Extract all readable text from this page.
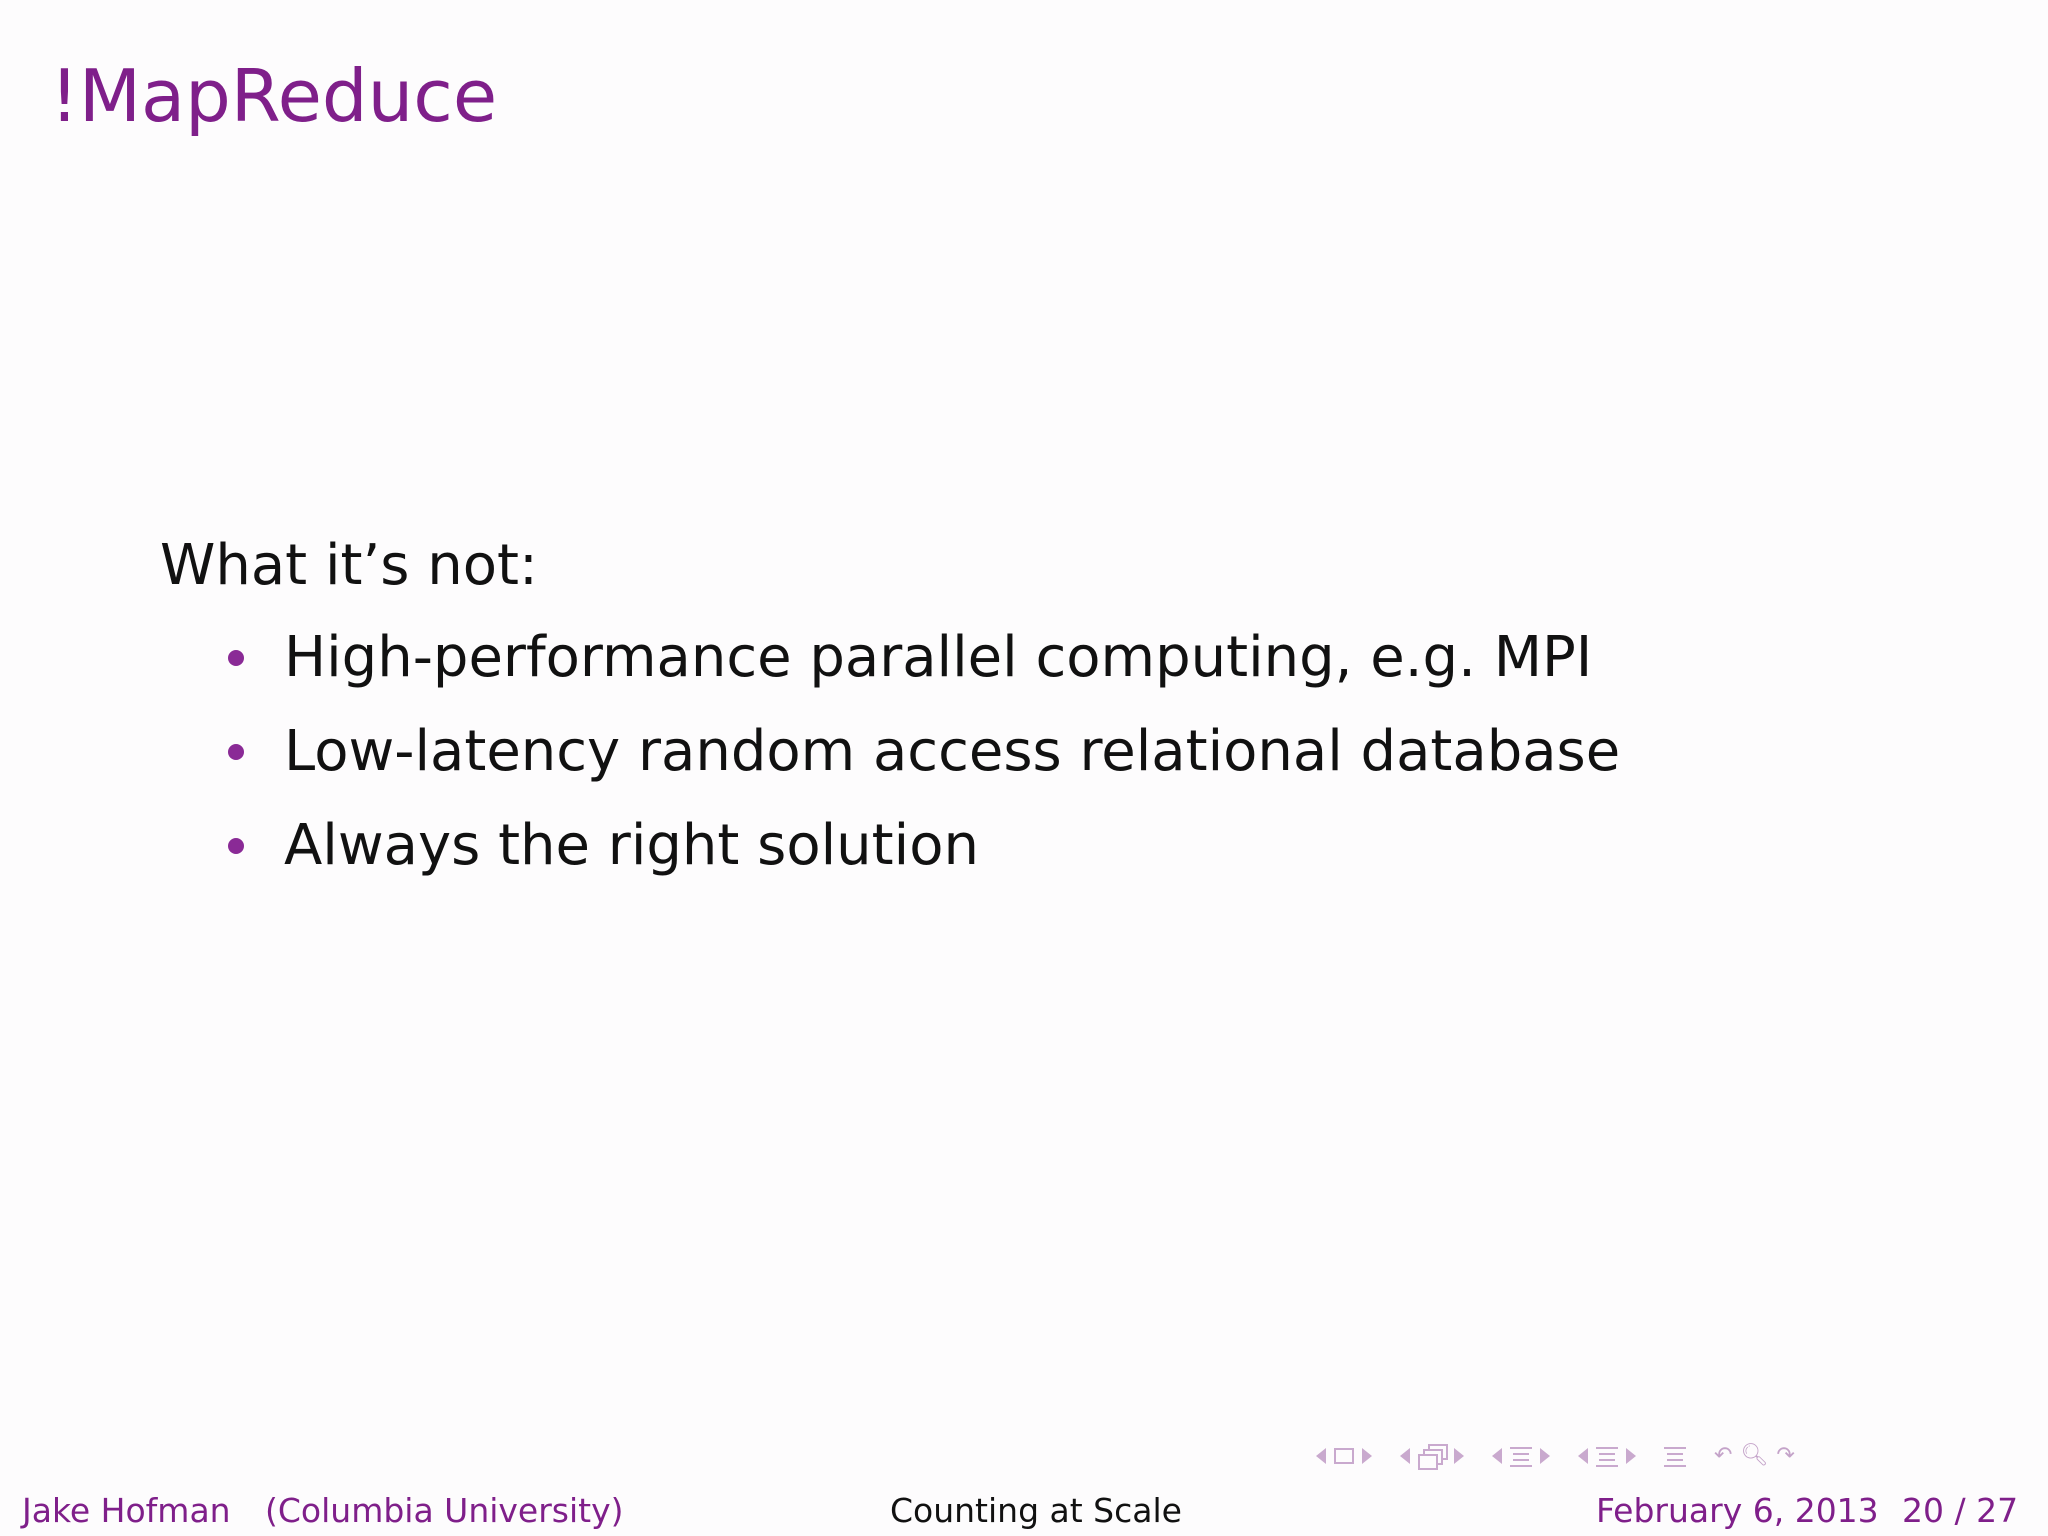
!MapReduce

What it’s not:

High-performance parallel computing, e.g. MPI
Low-latency random access relational database
Always the right solution
↶ 🔍︎ ↷
Jake Hofman (Columbia University)	Counting at Scale	February 6, 2013 20 / 27
